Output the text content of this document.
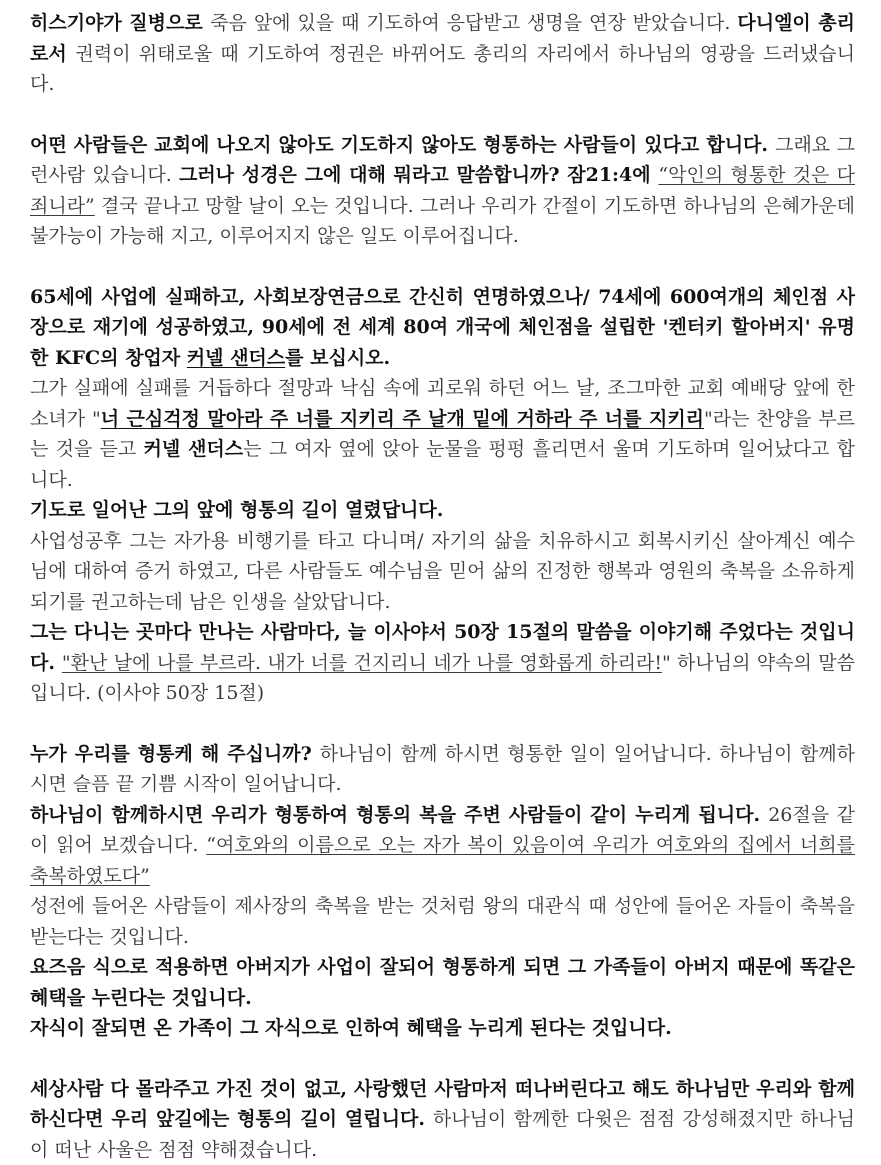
히스기야가 질병으로 죽음 앞에 있을 때 기도하여 응답받고 생명을 연장 받았습니다. 다니엘이 총리로서 권력이 위태로울 때 기도하여 정권은 바뀌어도 총리의 자리에서 하나님의 영광을 드러냈습니다.

어떤 사람들은 교회에 나오지 않아도 기도하지 않아도 형통하는 사람들이 있다고 합니다. 그래요 그런사람 있습니다. 그러나 성경은 그에 대해 뭐라고 말씀합니까? 잠21:4에 “악인의 형통한 것은 다 죄니라” 결국 끝나고 망할 날이 오는 것입니다. 그러나 우리가 간절이 기도하면 하나님의 은혜가운데 불가능이 가능해 지고, 이루어지지 않은 일도 이루어집니다.

65세에 사업에 실패하고, 사회보장연금으로 간신히 연명하였으나/ 74세에 600여개의 체인점 사장으로 재기에 성공하였고, 90세에 전 세계 80여 개국에 체인점을 설립한 '켄터키 할아버지' 유명한 KFC의 창업자 커넬 샌더스를 보십시오.

그가 실패에 실패를 거듭하다 절망과 낙심 속에 괴로워 하던 어느 날, 조그마한 교회 예배당 앞에 한 소녀가 "너 근심걱정 말아라 주 너를 지키리 주 날개 밑에 거하라 주 너를 지키리"라는 찬양을 부르는 것을 듣고 커넬 샌더스는 그 여자 옆에 앉아 눈물을 펑펑 흘리면서 울며 기도하며 일어났다고 합니다.

기도로 일어난 그의 앞에 형통의 길이 열렸답니다.

사업성공후 그는 자가용 비행기를 타고 다니며/ 자기의 삶을 치유하시고 회복시키신 살아계신 예수님에 대하여 증거 하였고, 다른 사람들도 예수님을 믿어 삶의 진정한 행복과 영원의 축복을 소유하게 되기를 권고하는데 남은 인생을 살았답니다.

그는 다니는 곳마다 만나는 사람마다, 늘 이사야서 50장 15절의 말씀을 이야기해 주었다는 것입니다. "환난 날에 나를 부르라. 내가 너를 건지리니 네가 나를 영화롭게 하리라!" 하나님의 약속의 말씀입니다. (이사야 50장 15절)

누가 우리를 형통케 해 주십니까? 하나님이 함께 하시면 형통한 일이 일어납니다. 하나님이 함께하시면 슬픔 끝 기쁨 시작이 일어납니다.

하나님이 함께하시면 우리가 형통하여 형통의 복을 주변 사람들이 같이 누리게 됩니다. 26절을 같이 읽어 보겠습니다. “여호와의 이름으로 오는 자가 복이 있음이여 우리가 여호와의 집에서 너희를 축복하였도다”

성전에 들어온 사람들이 제사장의 축복을 받는 것처럼 왕의 대관식 때 성안에 들어온 자들이 축복을 받는다는 것입니다.

요즈음 식으로 적용하면 아버지가 사업이 잘되어 형통하게 되면 그 가족들이 아버지 때문에 똑같은 혜택을 누린다는 것입니다.

자식이 잘되면 온 가족이 그 자식으로 인하여 혜택을 누리게 된다는 것입니다.

세상사람 다 몰라주고 가진 것이 없고, 사랑했던 사람마저 떠나버린다고 해도 하나님만 우리와 함께 하신다면 우리 앞길에는 형통의 길이 열립니다. 하나님이 함께한 다윗은 점점 강성해졌지만 하나님이 떠난 사울은 점점 약해졌습니다.
